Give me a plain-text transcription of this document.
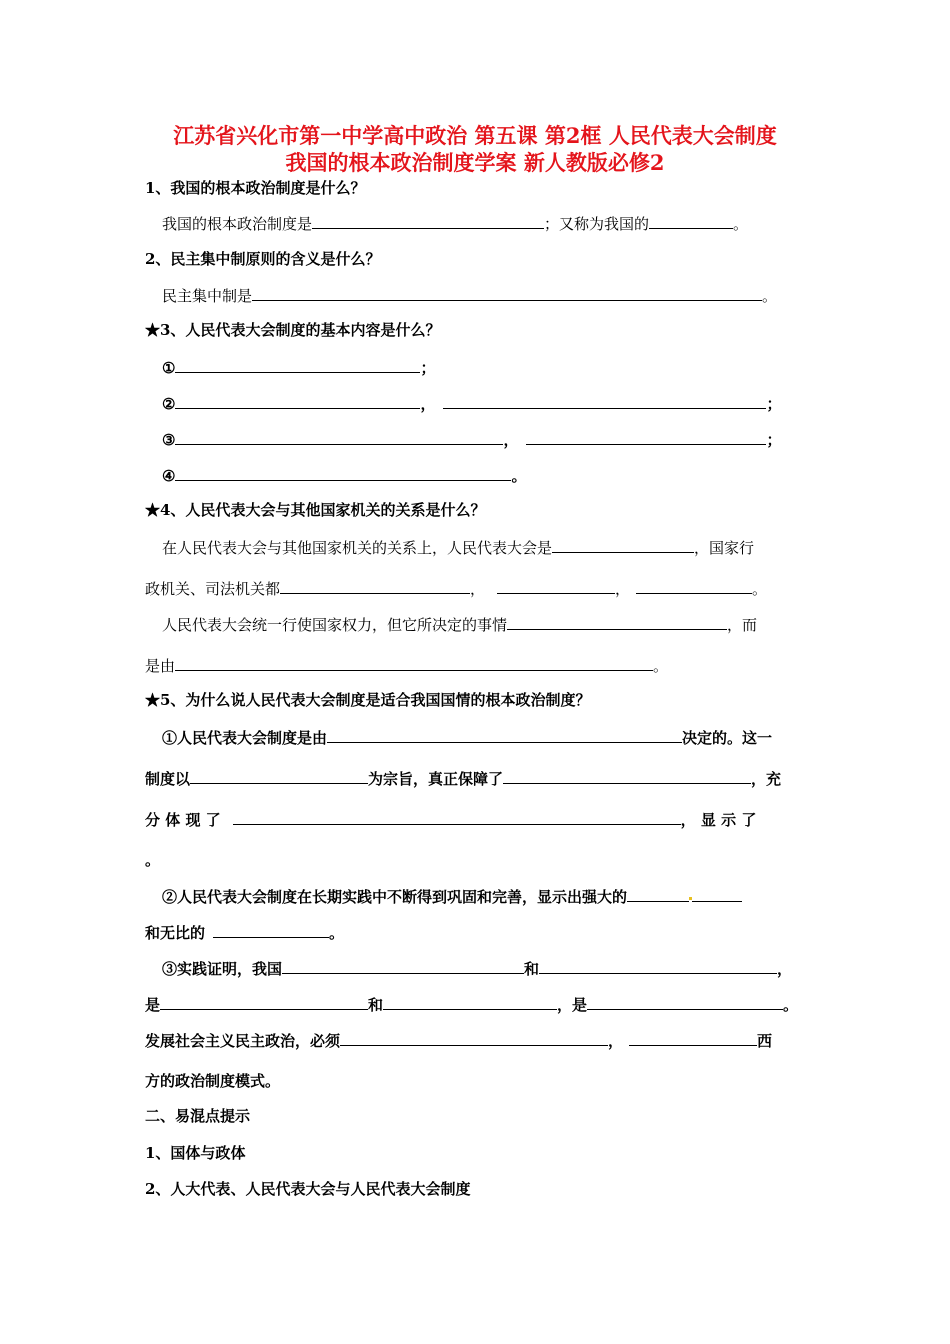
江苏省兴化市第一中学高中政治 第五课 第2框 人民代表大会制度
我国的根本政治制度学案 新人教版必修2
1、我国的根本政治制度是什么？
我国的根本政治制度是	；又称为我国的	。
2、民主集中制原则的含义是什么？
民主集中制是	。
★3、人民代表大会制度的基本内容是什么？
①	；
②	，	；
③	，	；
④	。
★4、人民代表大会与其他国家机关的关系是什么？
在人民代表大会与其他国家机关的关系上，人民代表大会是	，国家行
政机关、司法机关都	，	，	。
人民代表大会统一行使国家权力，但它所决定的事情	，而
是由	。
★5、为什么说人民代表大会制度是适合我国国情的根本政治制度？
①人民代表大会制度是由	决定的。这一
制度以	为宗旨，真正保障了	，充
分 体 现 了	， 显 示 了
。
②人民代表大会制度在长期实践中不断得到巩固和完善，显示出强大的
和无比的	。
③实践证明，我国	和	，
是	和	，是	。
发展社会主义民主政治，必须	，	西
方的政治制度模式。
二、易混点提示
1、国体与政体
2、人大代表、人民代表大会与人民代表大会制度
